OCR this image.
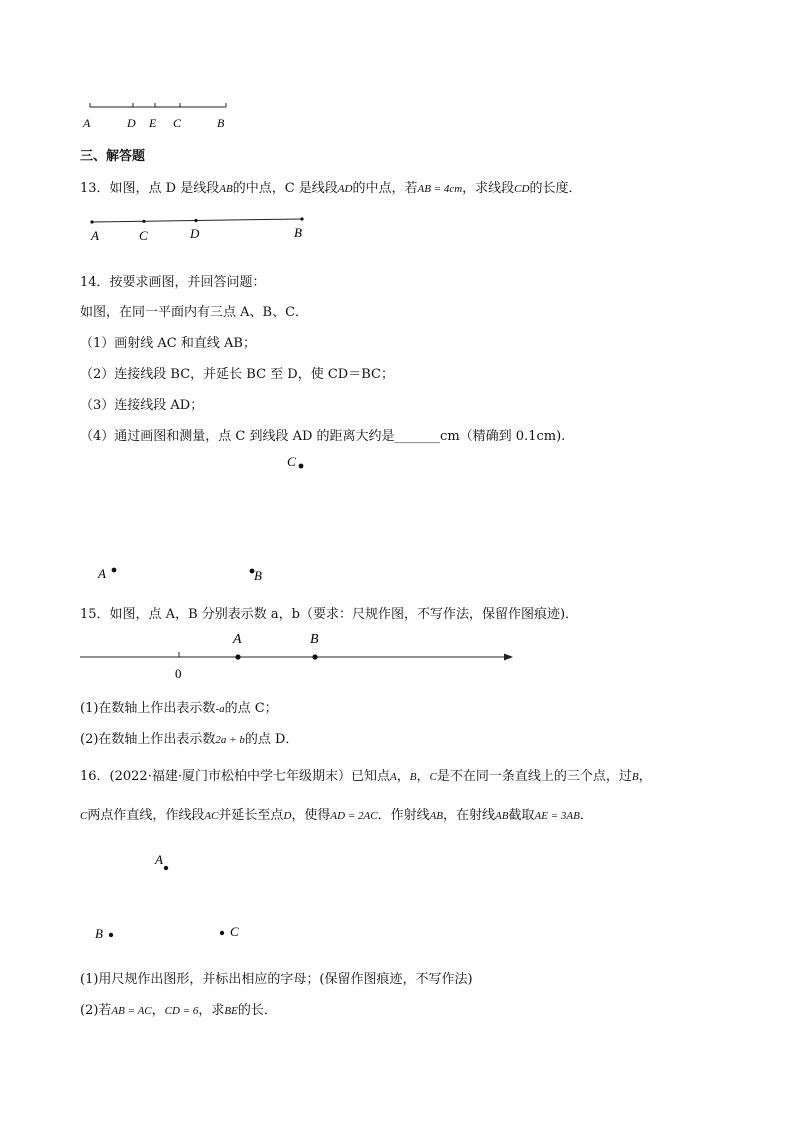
A	D E C	B
三、解答题
13．如图，点 D 是线段AB的中点，C 是线段AD的中点，若AB = 4cm，求线段CD的长度．
A	C	D	B
14．按要求画图，并回答问题：
如图，在同一平面内有三点 A、B、C．
（1）画射线 AC 和直线 AB；
（2）连接线段 BC，并延长 BC 至 D，使 CD＝BC；
（3）连接线段 AD；
（4）通过画图和测量，点 C 到线段 AD 的距离大约是_______cm（精确到 0.1cm).
C
A	B
15．如图，点 A，B 分别表示数 a，b（要求：尺规作图，不写作法，保留作图痕迹)．
0
A	B
(1)在数轴上作出表示数-a的点 C；
(2)在数轴上作出表示数2a + b的点 D．
16．(2022·福建·厦门市松柏中学七年级期末）已知点A，B，C是不在同一条直线上的三个点，过B，
C两点作直线，作线段AC并延长至点D，使得AD = 2AC．作射线AB，在射线AB截取AE = 3AB．
A
B	C
(1)用尺规作出图形，并标出相应的字母；(保留作图痕迹，不写作法)
(2)若AB = AC，CD = 6，求BE的长．
